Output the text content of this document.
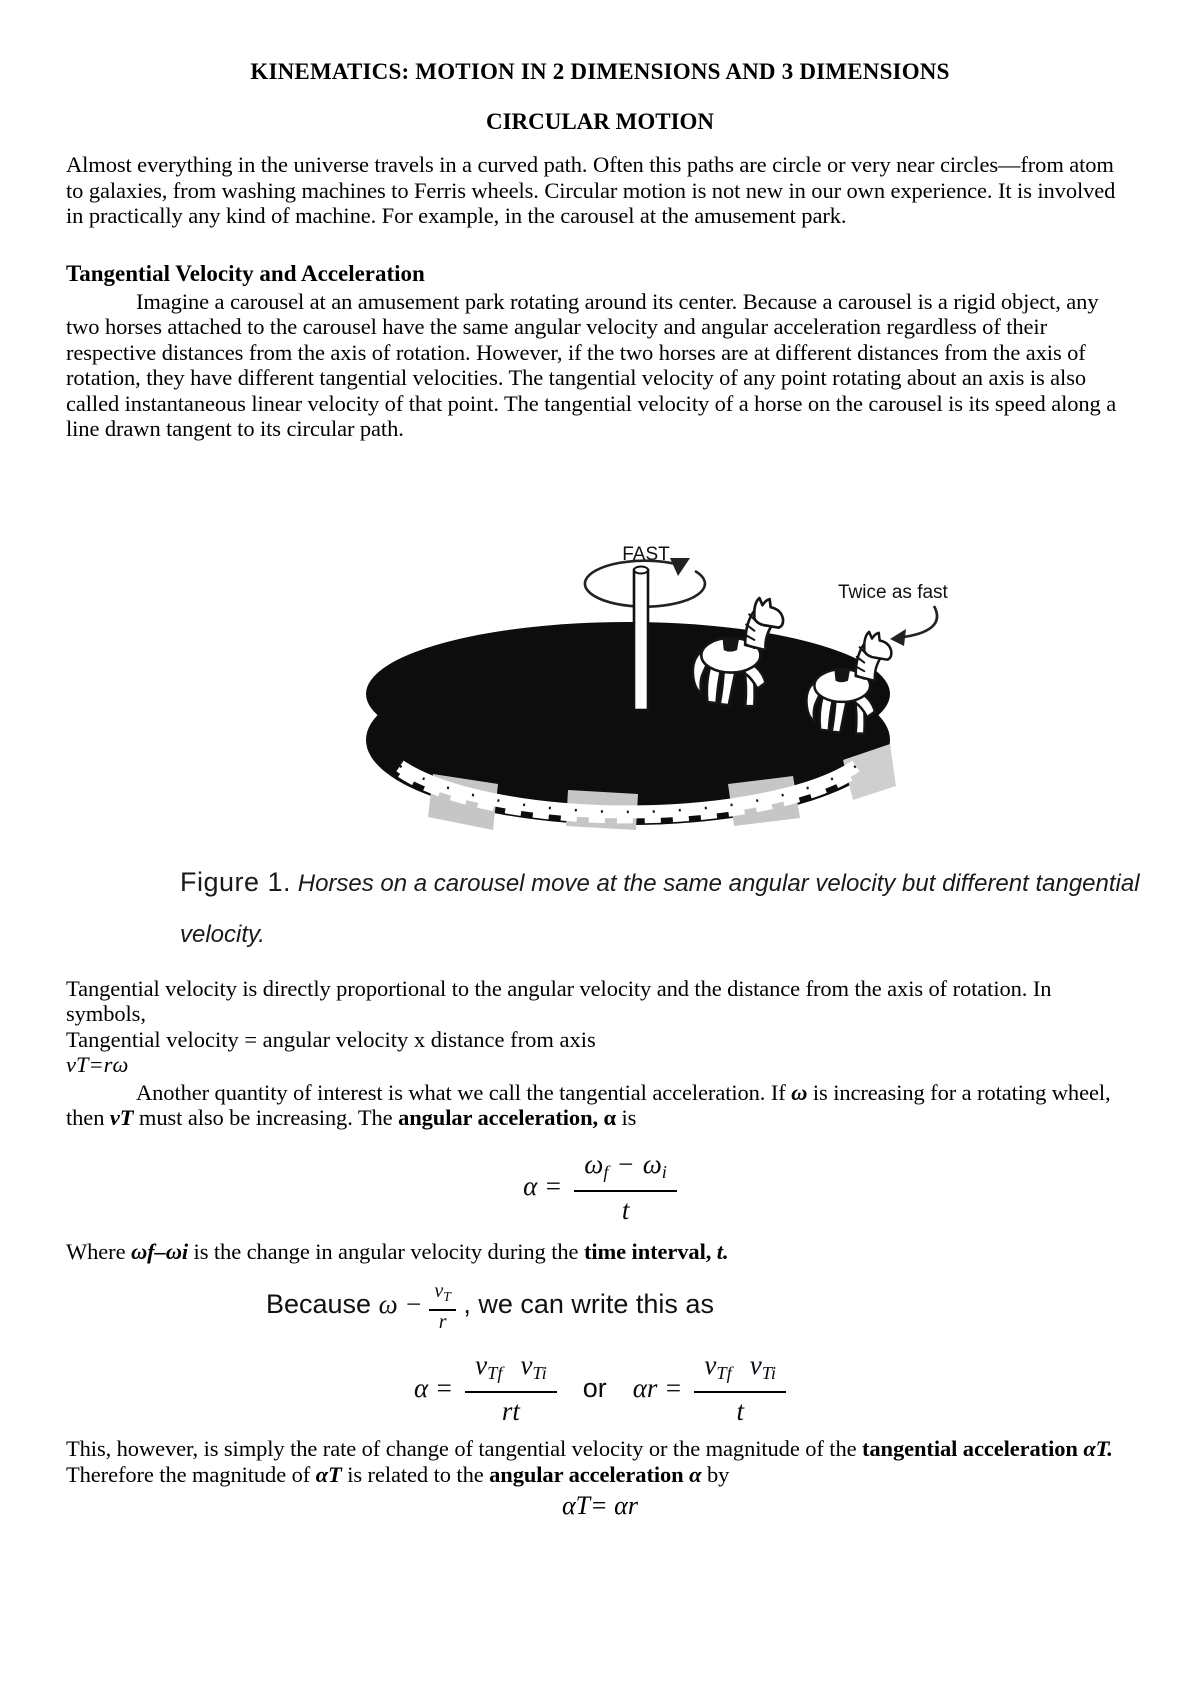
KINEMATICS: MOTION IN 2 DIMENSIONS AND 3 DIMENSIONS
CIRCULAR MOTION

Almost everything in the universe travels in a curved path. Often this paths are circle or very near circles—from atom to galaxies, from washing machines to Ferris wheels. Circular motion is not new in our own experience. It is involved in practically any kind of machine. For example, in the carousel at the amusement park.

Tangential Velocity and Acceleration

Imagine a carousel at an amusement park rotating around its center. Because a carousel is a rigid object, any two horses attached to the carousel have the same angular velocity and angular acceleration regardless of their respective distances from the axis of rotation. However, if the two horses are at different distances from the axis of rotation, they have different tangential velocities. The tangential velocity of any point rotating about an axis is also called instantaneous linear velocity of that point. The tangential velocity of a horse on the carousel is its speed along a line drawn tangent to its circular path.

FAST
Twice as fast
Figure 1. Horses on a carousel move at the same angular velocity but different tangential
velocity.

Tangential velocity is directly proportional to the angular velocity and the distance from the axis of rotation. In symbols,

Tangential velocity = angular velocity x distance from axis
vT=rω

Another quantity of interest is what we call the tangential acceleration. If ω is increasing for a rotating wheel, then vT must also be increasing. The angular acceleration, α is

$\alpha = \frac{\omega_f - \omega_i}{t}$

Where ωf–ωi is the change in angular velocity during the time interval, t.

Because $\omega - \frac{v_T}{r}$ , we can write this as
$\alpha = \frac{v_{Tf} v_{Ti}}{rt}$ or $\alpha r = \frac{v_{Tf} v_{Ti}}{t}$

This, however, is simply the rate of change of tangential velocity or the magnitude of the tangential acceleration αT. Therefore the magnitude of αT is related to the angular acceleration α by

αT= αr
